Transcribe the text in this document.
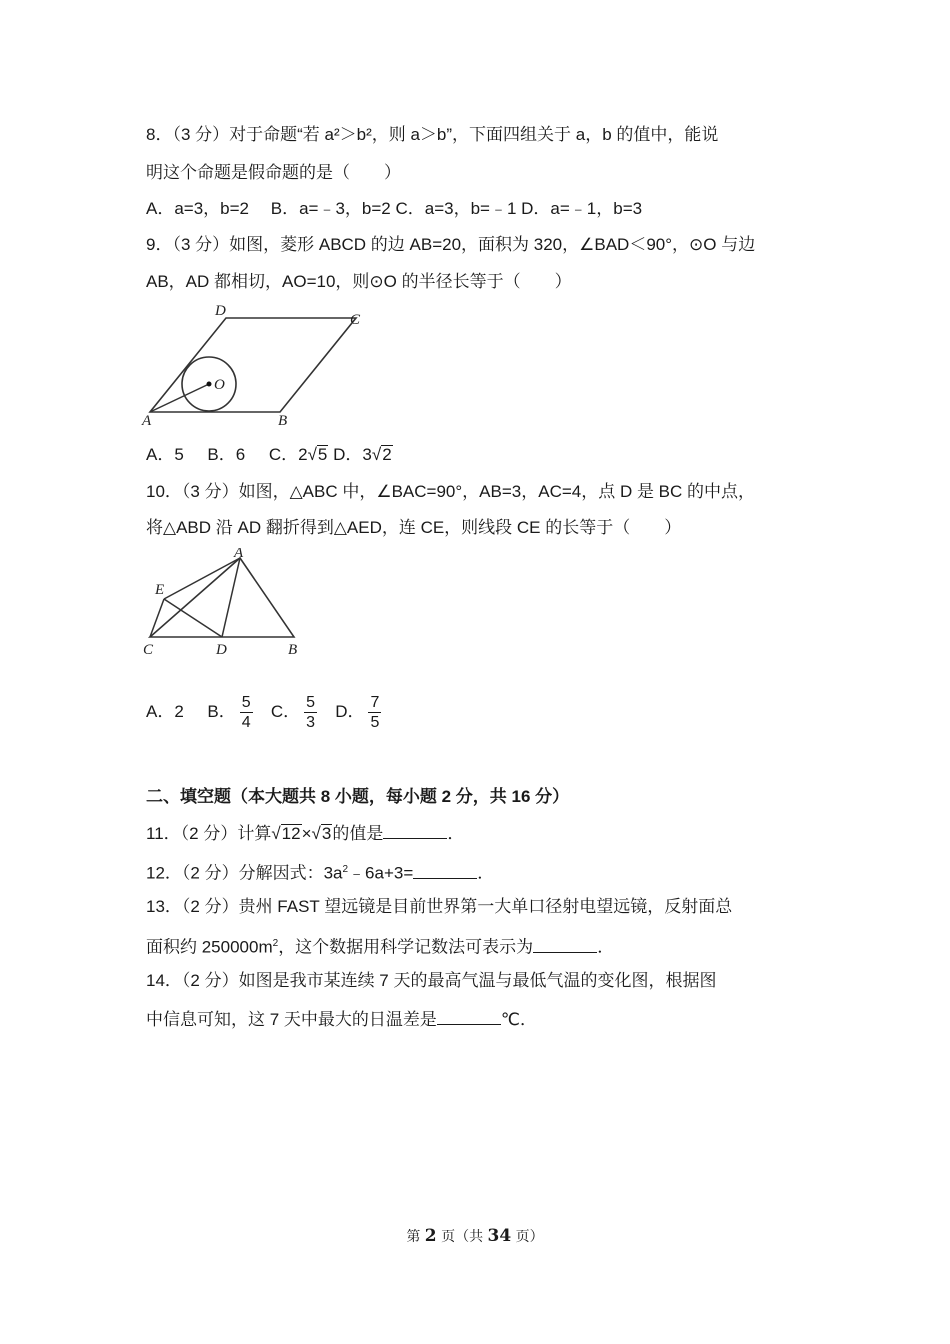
8．（3 分）对于命题“若 a²＞b²，则 a＞b”，下面四组关于 a，b 的值中，能说
明这个命题是假命题的是（　　）
A．a=3，b=2　 B．a=﹣3，b=2 C．a=3，b=﹣1 D．a=﹣1，b=3
9．（3 分）如图，菱形 ABCD 的边 AB=20，面积为 320，∠BAD＜90°，⊙O 与边
AB，AD 都相切，AO=10，则⊙O 的半径长等于（　　）
D
C
O
A	B
A．5 B．6 C．2√5 D．3√2
10．（3 分）如图，△ABC 中，∠BAC=90°，AB=3，AC=4，点 D 是 BC 的中点，
将△ABD 沿 AD 翻折得到△AED，连 CE，则线段 CE 的长等于（　　）
A
E
C	D	B
A．2 B． $\frac{5}{4}$ C． $\frac{5}{3}$ D． $\frac{7}{5}$
二、填空题（本大题共 8 小题，每小题 2 分，共 16 分）
11．（2 分）计算√12×√3的值是	．
12．（2 分）分解因式：$3a^2﹣6a+3=$	．
13．（2 分）贵州 FAST 望远镜是目前世界第一大单口径射电望远镜，反射面总
面积约 $250000m^2$，这个数据用科学记数法可表示为	．
14．（2 分）如图是我市某连续 7 天的最高气温与最低气温的变化图，根据图
中信息可知，这 7 天中最大的日温差是	℃．
第 2 页（共 34 页）
